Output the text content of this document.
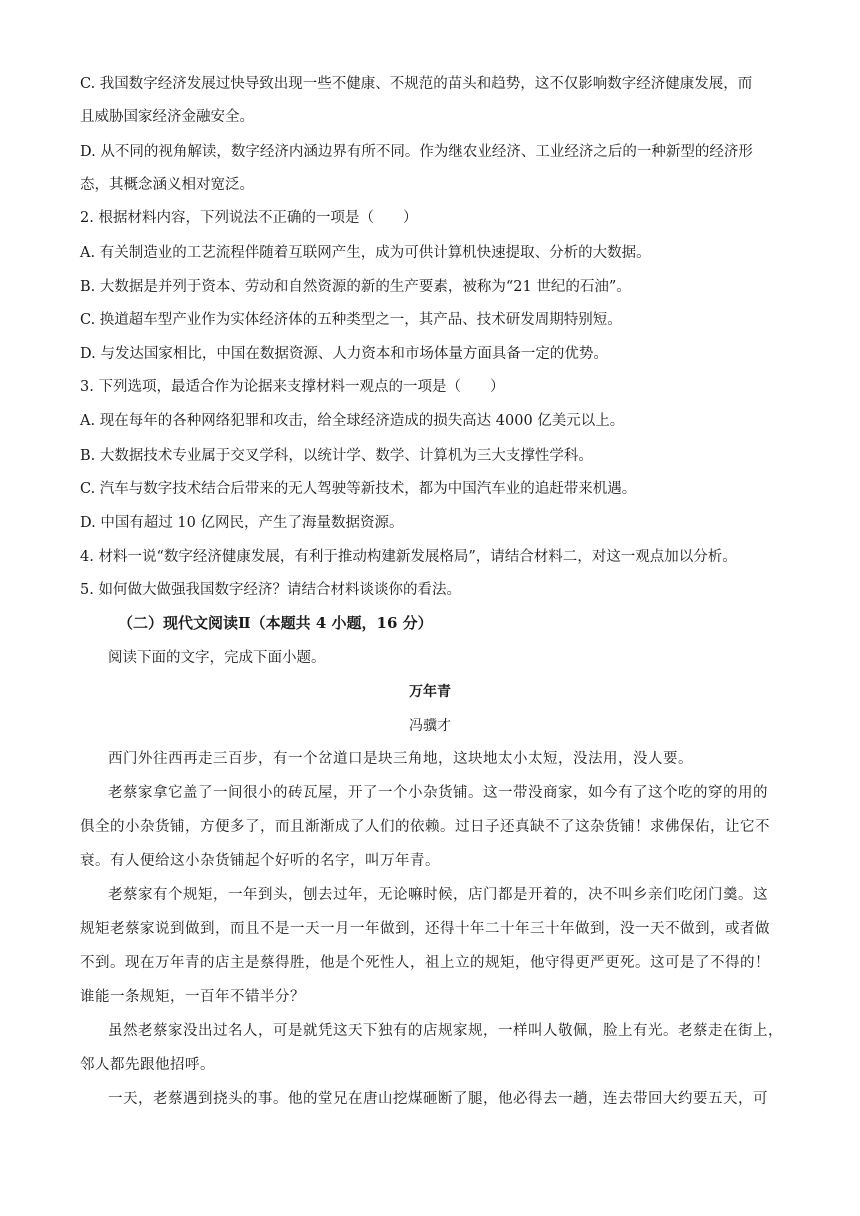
C. 我国数字经济发展过快导致出现一些不健康、不规范的苗头和趋势，这不仅影响数字经济健康发展，而
且威胁国家经济金融安全。
D. 从不同的视角解读，数字经济内涵边界有所不同。作为继农业经济、工业经济之后的一种新型的经济形
态，其概念涵义相对宽泛。
2. 根据材料内容，下列说法不正确的一项是（　　）
A. 有关制造业的工艺流程伴随着互联网产生，成为可供计算机快速提取、分析的大数据。
B. 大数据是并列于资本、劳动和自然资源的新的生产要素，被称为“21 世纪的石油”。
C. 换道超车型产业作为实体经济体的五种类型之一，其产品、技术研发周期特别短。
D. 与发达国家相比，中国在数据资源、人力资本和市场体量方面具备一定的优势。
3. 下列选项，最适合作为论据来支撑材料一观点的一项是（　　）
A. 现在每年的各种网络犯罪和攻击，给全球经济造成的损失高达 4000 亿美元以上。
B. 大数据技术专业属于交叉学科，以统计学、数学、计算机为三大支撑性学科。
C. 汽车与数字技术结合后带来的无人驾驶等新技术，都为中国汽车业的追赶带来机遇。
D. 中国有超过 10 亿网民，产生了海量数据资源。
4. 材料一说“数字经济健康发展，有利于推动构建新发展格局”，请结合材料二，对这一观点加以分析。
5. 如何做大做强我国数字经济？请结合材料谈谈你的看法。
（二）现代文阅读Ⅱ（本题共 4 小题，16 分）
阅读下面的文字，完成下面小题。
万年青
冯骥才
西门外往西再走三百步，有一个岔道口是块三角地，这块地太小太短，没法用，没人要。
老蔡家拿它盖了一间很小的砖瓦屋，开了一个小杂货铺。这一带没商家，如今有了这个吃的穿的用的
俱全的小杂货铺，方便多了，而且渐渐成了人们的依赖。过日子还真缺不了这杂货铺！求佛保佑，让它不
衰。有人便给这小杂货铺起个好听的名字，叫万年青。
老蔡家有个规矩，一年到头，刨去过年，无论嘛时候，店门都是开着的，决不叫乡亲们吃闭门羹。这
规矩老蔡家说到做到，而且不是一天一月一年做到，还得十年二十年三十年做到，没一天不做到，或者做
不到。现在万年青的店主是蔡得胜，他是个死性人，祖上立的规矩，他守得更严更死。这可是了不得的！
谁能一条规矩，一百年不错半分？
虽然老蔡家没出过名人，可是就凭这天下独有的店规家规，一样叫人敬佩，脸上有光。老蔡走在街上，
邻人都先跟他招呼。
一天，老蔡遇到挠头的事。他的堂兄在唐山挖煤砸断了腿，他必得去一趟，连去带回大约要五天，可
